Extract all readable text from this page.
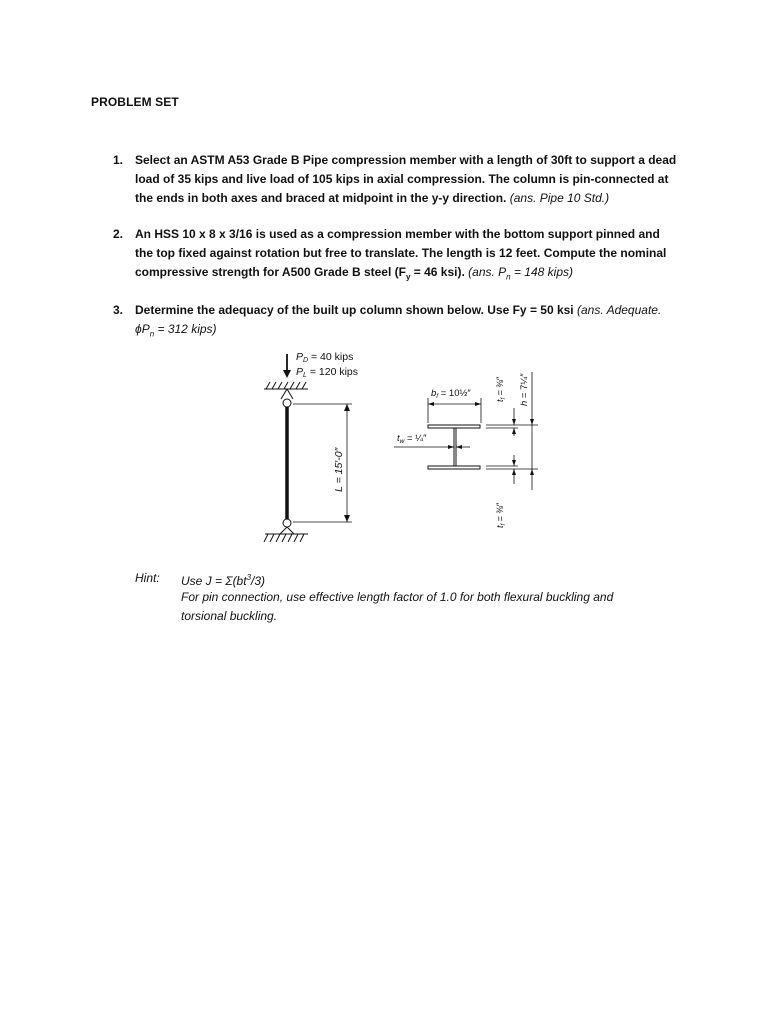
PROBLEM SET
1. Select an ASTM A53 Grade B Pipe compression member with a length of 30ft to support a dead load of 35 kips and live load of 105 kips in axial compression. The column is pin-connected at the ends in both axes and braced at midpoint in the y-y direction. (ans. Pipe 10 Std.)
2. An HSS 10 x 8 x 3/16 is used as a compression member with the bottom support pinned and the top fixed against rotation but free to translate. The length is 12 feet. Compute the nominal compressive strength for A500 Grade B steel ($F_y = 46$ ksi). (ans. $P_n = 148$ kips)
3. Determine the adequacy of the built up column shown below. Use Fy = 50 ksi (ans. Adequate.
$\phi P_n = 312$ kips)
PD = 40 kips
PL = 120 kips
L = 15′-0″
$b_f$ = 10½″
$t_f$ = ⅜″
h = 7¼″
$t_w$ = ¼″
$t_f$ = ⅜″
Hint: Use $J = \Sigma(bt^3/3)$
For pin connection, use effective length factor of 1.0 for both flexural buckling and
torsional buckling.
